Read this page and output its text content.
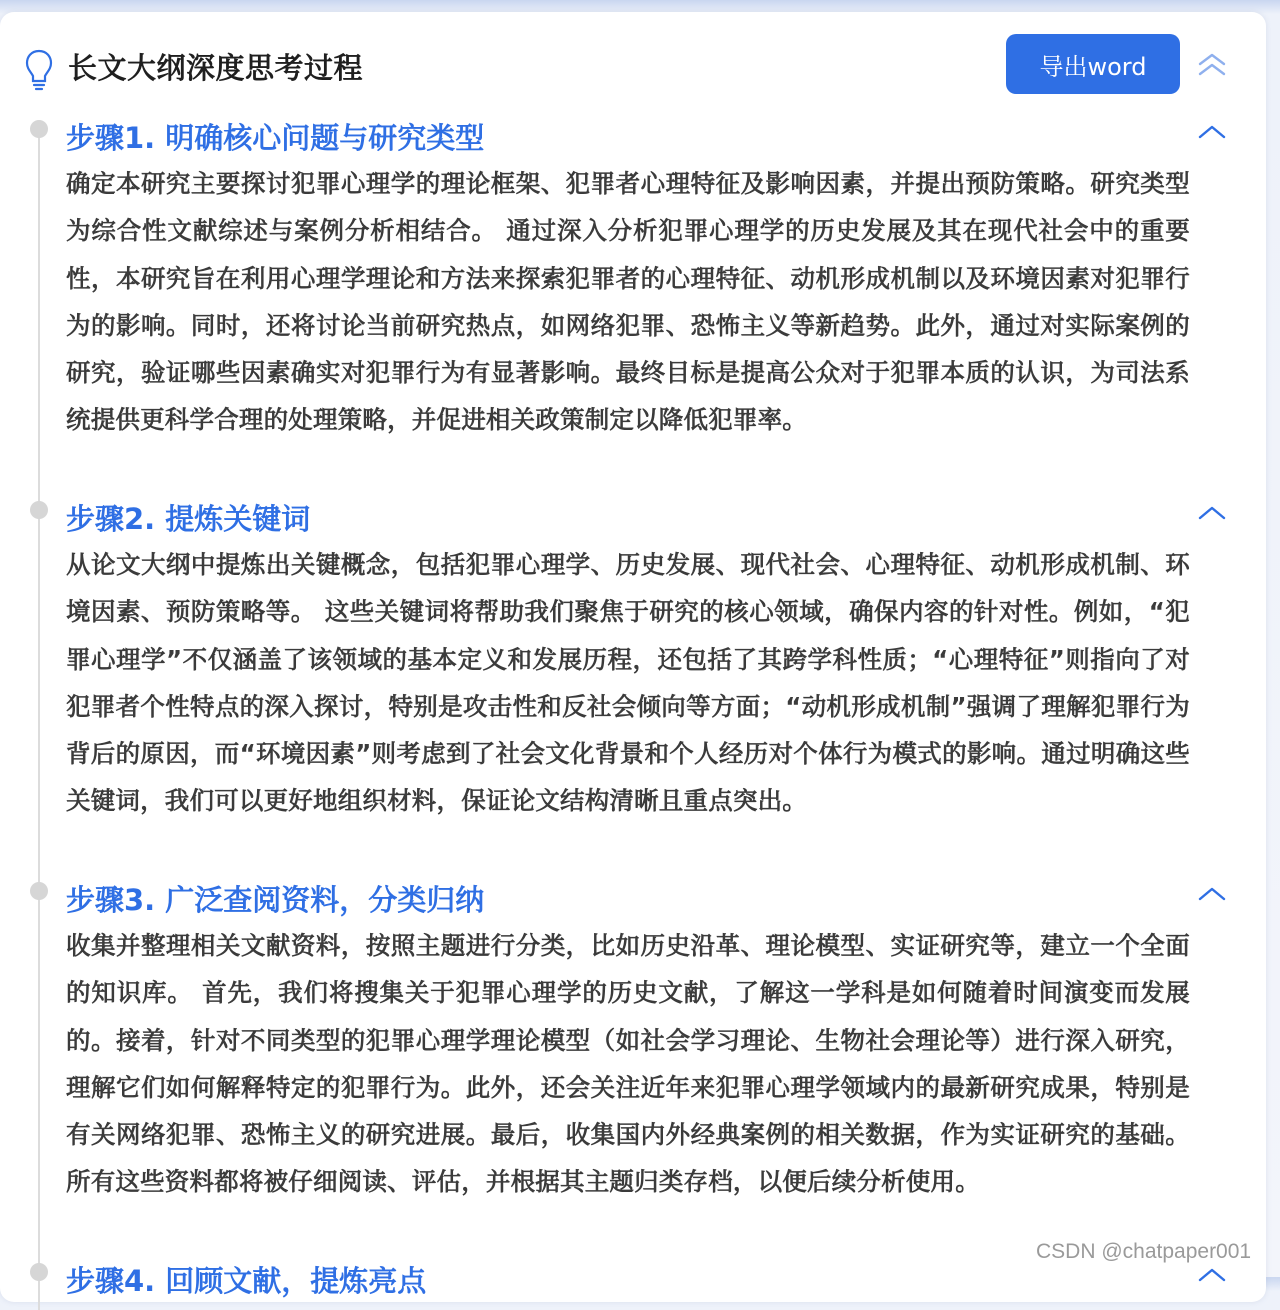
长文大纲深度思考过程	导出word
步骤1. 明确核心问题与研究类型
确定本研究主要探讨犯罪心理学的理论框架、犯罪者心理特征及影响因素，并提出预防策略。研究类型为综合性文献综述与案例分析相结合。 通过深入分析犯罪心理学的历史发展及其在现代社会中的重要性，本研究旨在利用心理学理论和方法来探索犯罪者的心理特征、动机形成机制以及环境因素对犯罪行为的影响。同时，还将讨论当前研究热点，如网络犯罪、恐怖主义等新趋势。此外，通过对实际案例的研究，验证哪些因素确实对犯罪行为有显著影响。最终目标是提高公众对于犯罪本质的认识，为司法系统提供更科学合理的处理策略，并促进相关政策制定以降低犯罪率。
步骤2. 提炼关键词
从论文大纲中提炼出关键概念，包括犯罪心理学、历史发展、现代社会、心理特征、动机形成机制、环境因素、预防策略等。 这些关键词将帮助我们聚焦于研究的核心领域，确保内容的针对性。例如，“犯罪心理学”不仅涵盖了该领域的基本定义和发展历程，还包括了其跨学科性质；“心理特征”则指向了对犯罪者个性特点的深入探讨，特别是攻击性和反社会倾向等方面；“动机形成机制”强调了理解犯罪行为背后的原因，而“环境因素”则考虑到了社会文化背景和个人经历对个体行为模式的影响。通过明确这些关键词，我们可以更好地组织材料，保证论文结构清晰且重点突出。
步骤3. 广泛查阅资料，分类归纳
收集并整理相关文献资料，按照主题进行分类，比如历史沿革、理论模型、实证研究等，建立一个全面的知识库。 首先，我们将搜集关于犯罪心理学的历史文献，了解这一学科是如何随着时间演变而发展的。接着，针对不同类型的犯罪心理学理论模型（如社会学习理论、生物社会理论等）进行深入研究，理解它们如何解释特定的犯罪行为。此外，还会关注近年来犯罪心理学领域内的最新研究成果，特别是有关网络犯罪、恐怖主义的研究进展。最后，收集国内外经典案例的相关数据，作为实证研究的基础。所有这些资料都将被仔细阅读、评估，并根据其主题归类存档，以便后续分析使用。
步骤4. 回顾文献，提炼亮点
CSDN @chatpaper001
